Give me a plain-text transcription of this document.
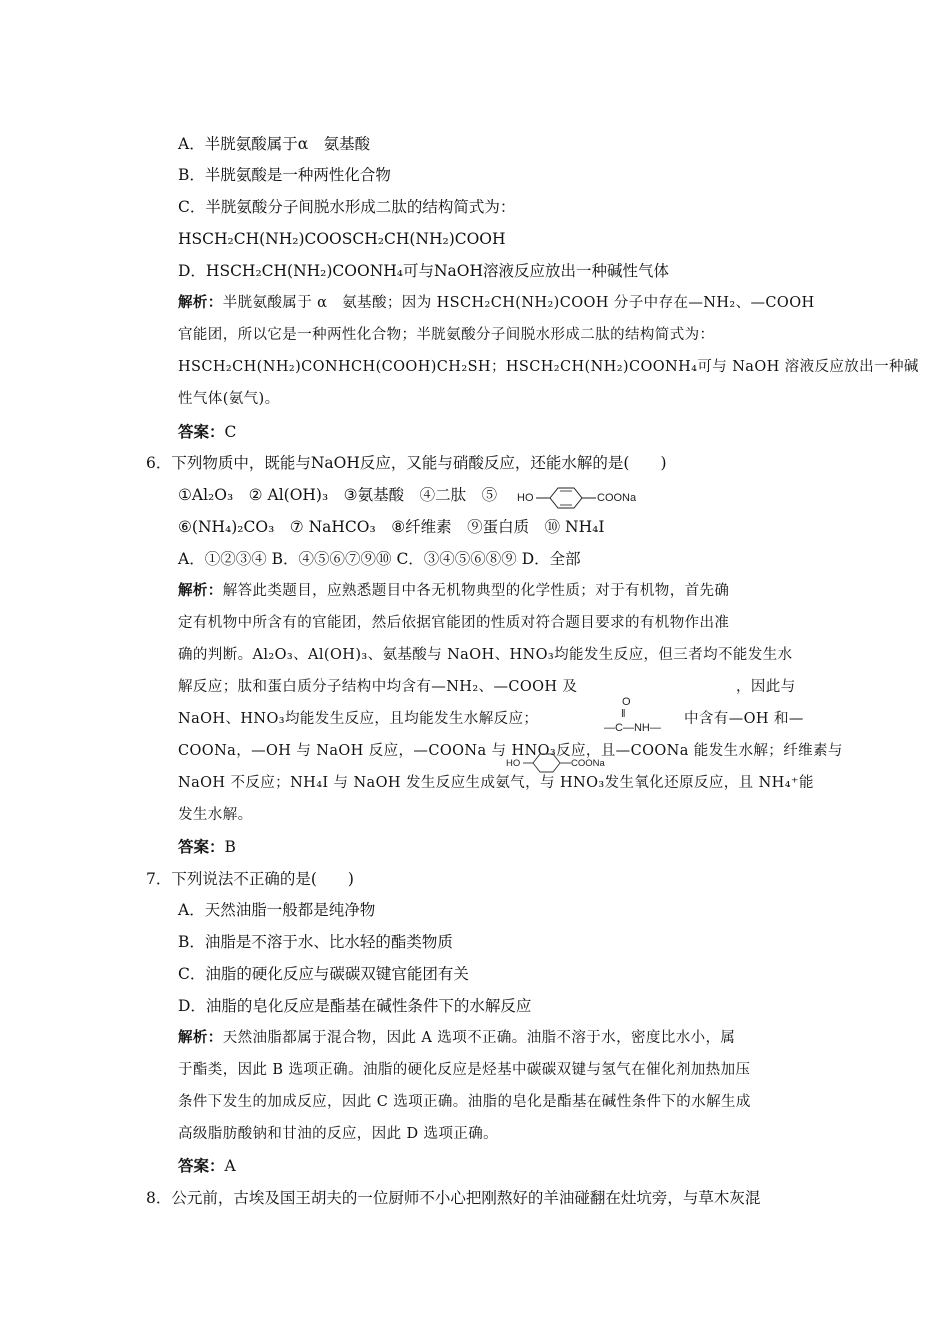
A．半胱氨酸属于α　氨基酸
B．半胱氨酸是一种两性化合物
C．半胱氨酸分子间脱水形成二肽的结构简式为：
HSCH₂CH(NH₂)COOSCH₂CH(NH₂)COOH
D．HSCH₂CH(NH₂)COONH₄可与NaOH溶液反应放出一种碱性气体
解析：半胱氨酸属于 α　氨基酸；因为 HSCH₂CH(NH₂)COOH 分子中存在—NH₂、—COOH
官能团，所以它是一种两性化合物；半胱氨酸分子间脱水形成二肽的结构简式为：
HSCH₂CH(NH₂)CONHCH(COOH)CH₂SH；HSCH₂CH(NH₂)COONH₄可与 NaOH 溶液反应放出一种碱
性气体(氨气)。
答案：C
6．下列物质中，既能与NaOH反应，又能与硝酸反应，还能水解的是(　　)
①Al₂O₃　② Al(OH)₃　③氨基酸　④二肽　⑤ HO	COONa
⑥(NH₄)₂CO₃　⑦ NaHCO₃　⑧纤维素　⑨蛋白质　⑩ NH₄I
A．①②③④ B．④⑤⑥⑦⑨⑩ C．③④⑤⑥⑧⑨ D．全部
解析：解答此类题目，应熟悉题目中各无机物典型的化学性质；对于有机物，首先确
定有机物中所含有的官能团，然后依据官能团的性质对符合题目要求的有机物作出准
确的判断。Al₂O₃、Al(OH)₃、氨基酸与 NaOH、HNO₃均能发生反应，但三者均不能发生水
解反应；肽和蛋白质分子结构中均含有—NH₂、—COOH 及	，因此与
O
‖
—C—NH—
NaOH、HNO₃均能发生反应，且均能发生水解反应；	中含有—OH 和—
COONa，—OH 与 NaOH 反应，—COONa 与 HNO₃反应，且—COONa 能发生水解；纤维素与
HO	COONa
NaOH 不反应；NH₄I 与 NaOH 发生反应生成氨气，与 HNO₃发生氧化还原反应，且 NH₄⁺能
发生水解。
答案：B
7．下列说法不正确的是(　　)
A．天然油脂一般都是纯净物
B．油脂是不溶于水、比水轻的酯类物质
C．油脂的硬化反应与碳碳双键官能团有关
D．油脂的皂化反应是酯基在碱性条件下的水解反应
解析：天然油脂都属于混合物，因此 A 选项不正确。油脂不溶于水，密度比水小，属
于酯类，因此 B 选项正确。油脂的硬化反应是烃基中碳碳双键与氢气在催化剂加热加压
条件下发生的加成反应，因此 C 选项正确。油脂的皂化是酯基在碱性条件下的水解生成
高级脂肪酸钠和甘油的反应，因此 D 选项正确。
答案：A
8．公元前，古埃及国王胡夫的一位厨师不小心把刚熬好的羊油碰翻在灶坑旁，与草木灰混
